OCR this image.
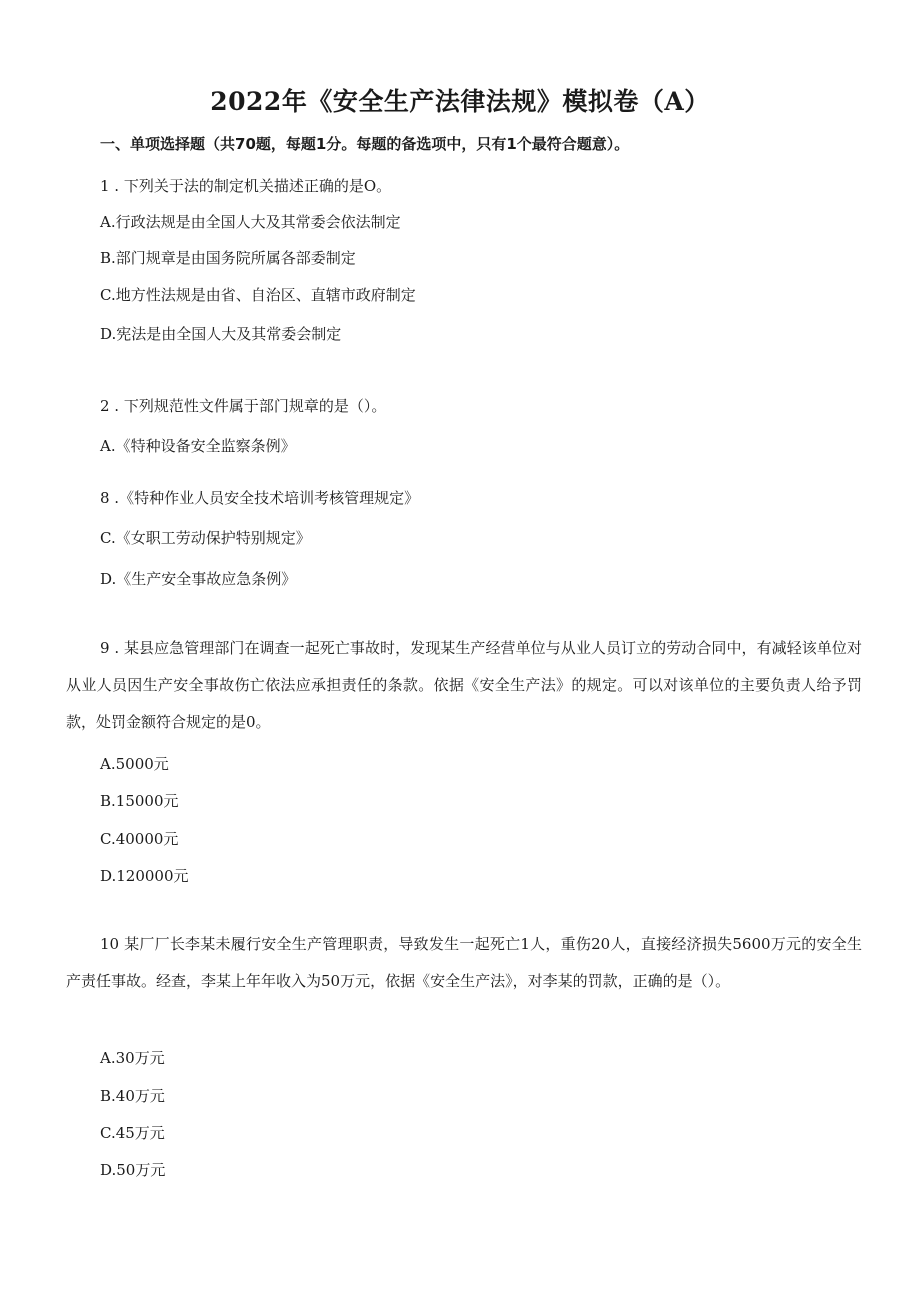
2022年《安全生产法律法规》模拟卷（A）
一、单项选择题（共70题，每题1分。每题的备选项中，只有1个最符合题意）。
1 . 下列关于法的制定机关描述正确的是O。
A.行政法规是由全国人大及其常委会依法制定
B.部门规章是由国务院所属各部委制定
C.地方性法规是由省、自治区、直辖市政府制定
D.宪法是由全国人大及其常委会制定
2 . 下列规范性文件属于部门规章的是（）。
A.《特种设备安全监察条例》
8 .《特种作业人员安全技术培训考核管理规定》
C.《女职工劳动保护特别规定》
D.《生产安全事故应急条例》
9 . 某县应急管理部门在调查一起死亡事故时，发现某生产经营单位与从业人员订立的劳动合同中，有减轻该单位对从业人员因生产安全事故伤亡依法应承担责任的条款。依据《安全生产法》的规定。可以对该单位的主要负责人给予罚款，处罚金额符合规定的是0。
A.5000元
B.15000元
C.40000元
D.120000元
10 某厂厂长李某未履行安全生产管理职责，导致发生一起死亡1人，重伤20人，直接经济损失5600万元的安全生产责任事故。经查，李某上年年收入为50万元，依据《安全生产法》，对李某的罚款，正确的是（）。
A.30万元
B.40万元
C.45万元
D.50万元
